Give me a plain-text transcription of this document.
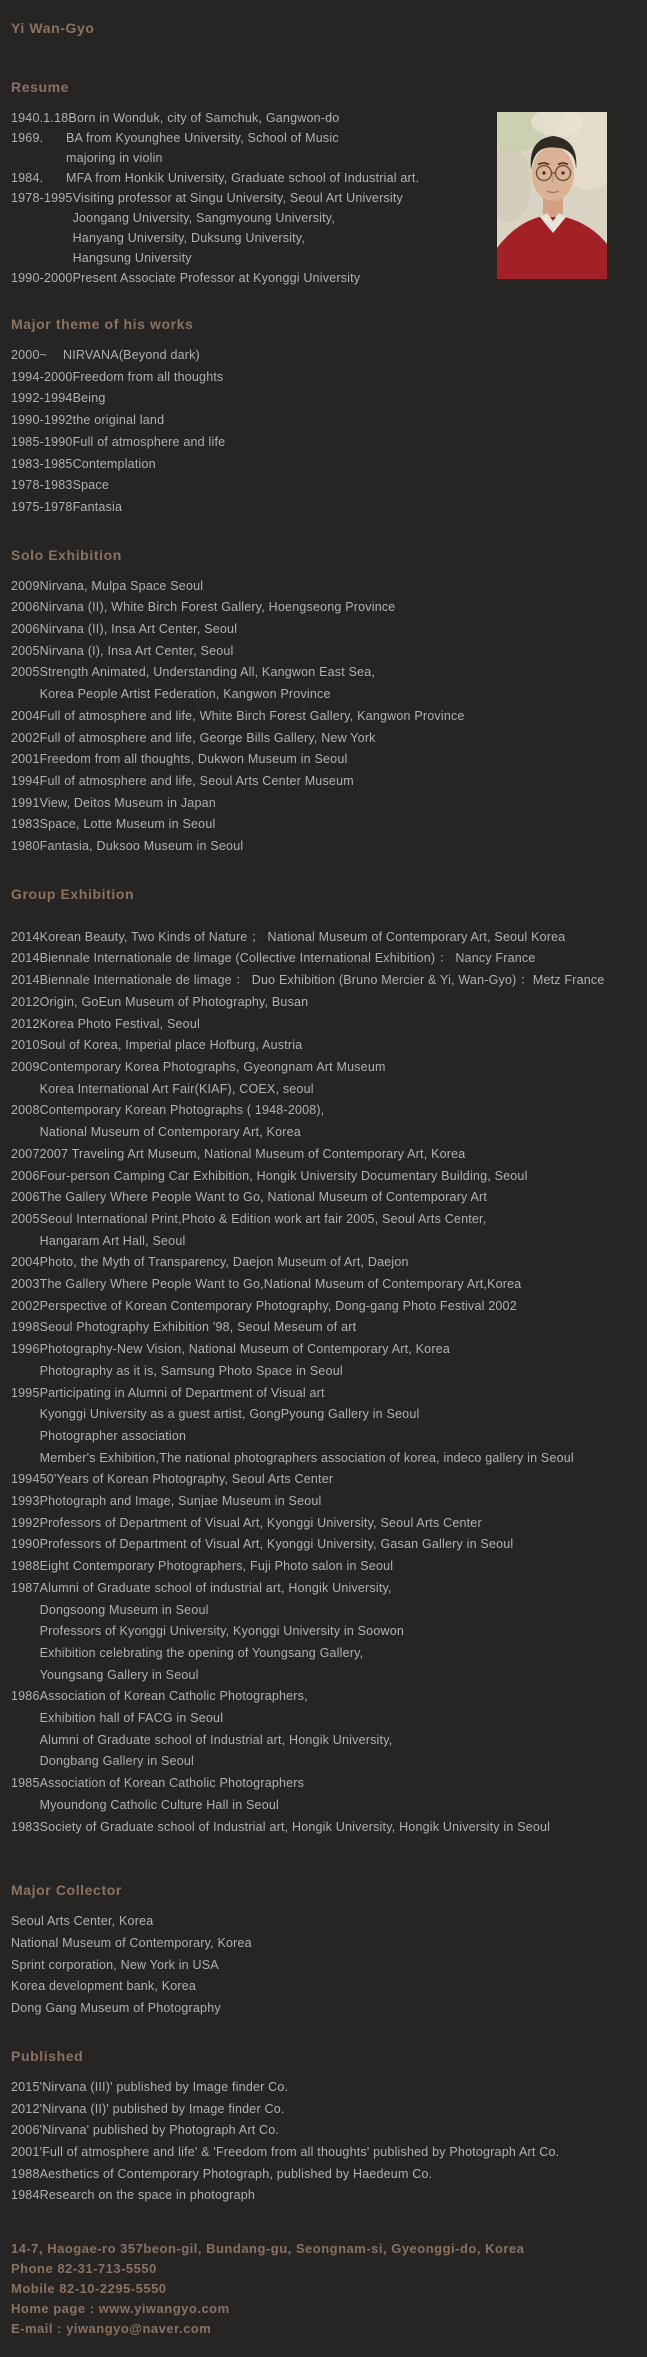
Yi Wan-Gyo
Resume
1940.1.18 Born in Wonduk, city of Samchuk, Gangwon-do
1969.	BA from Kyounghee University, School of Music
majoring in violin
1984.	MFA from Honkik University, Graduate school of Industrial art.
1978-1995 Visiting professor at Singu University, Seoul Art University
Joongang University, Sangmyoung University,
Hanyang University, Duksung University,
Hangsung University
1990-2000 Present Associate Professor at Kyonggi University
Major theme of his works
2000~	NIRVANA(Beyond dark)
1994-2000 Freedom from all thoughts
1992-1994 Being
1990-1992 the original land
1985-1990 Full of atmosphere and life
1983-1985 Contemplation
1978-1983 Space
1975-1978 Fantasia
Solo Exhibition
2009 Nirvana, Mulpa Space Seoul
2006 Nirvana (II), White Birch Forest Gallery, Hoengseong Province
2006 Nirvana (II), Insa Art Center, Seoul
2005 Nirvana (I), Insa Art Center, Seoul
2005 Strength Animated, Understanding All, Kangwon East Sea,
Korea People Artist Federation, Kangwon Province
2004 Full of atmosphere and life, White Birch Forest Gallery, Kangwon Province
2002 Full of atmosphere and life, George Bills Gallery, New York
2001 Freedom from all thoughts, Dukwon Museum in Seoul
1994 Full of atmosphere and life, Seoul Arts Center Museum
1991 View, Deitos Museum in Japan
1983 Space, Lotte Museum in Seoul
1980 Fantasia, Duksoo Museum in Seoul
Group Exhibition
2014 Korean Beauty, Two Kinds of Nature ； National Museum of Contemporary Art, Seoul Korea
2014 Biennale Internationale de limage (Collective International Exhibition) ： Nancy France
2014 Biennale Internationale de limage ： Duo Exhibition (Bruno Mercier & Yi, Wan-Gyo) ：Metz France
2012 Origin, GoEun Museum of Photography, Busan
2012 Korea Photo Festival, Seoul
2010 Soul of Korea, Imperial place Hofburg, Austria
2009 Contemporary Korea Photographs, Gyeongnam Art Museum
Korea International Art Fair(KIAF), COEX, seoul
2008 Contemporary Korean Photographs ( 1948-2008),
National Museum of Contemporary Art, Korea
2007 2007 Traveling Art Museum, National Museum of Contemporary Art, Korea
2006 Four-person Camping Car Exhibition, Hongik University Documentary Building, Seoul
2006 The Gallery Where People Want to Go, National Museum of Contemporary Art
2005 Seoul International Print,Photo & Edition work art fair 2005, Seoul Arts Center,
Hangaram Art Hall, Seoul
2004 Photo, the Myth of Transparency, Daejon Museum of Art, Daejon
2003 The Gallery Where People Want to Go,National Museum of Contemporary Art,Korea
2002 Perspective of Korean Contemporary Photography, Dong-gang Photo Festival 2002
1998 Seoul Photography Exhibition '98, Seoul Meseum of art
1996 Photography-New Vision, National Museum of Contemporary Art, Korea
Photography as it is, Samsung Photo Space in Seoul
1995 Participating in Alumni of Department of Visual art
Kyonggi University as a guest artist, GongPyoung Gallery in Seoul
Photographer association
Member's Exhibition,The national photographers association of korea, indeco gallery in Seoul
1994 50'Years of Korean Photography, Seoul Arts Center
1993 Photograph and Image, Sunjae Museum in Seoul
1992 Professors of Department of Visual Art, Kyonggi University, Seoul Arts Center
1990 Professors of Department of Visual Art, Kyonggi University, Gasan Gallery in Seoul
1988 Eight Contemporary Photographers, Fuji Photo salon in Seoul
1987 Alumni of Graduate school of industrial art, Hongik University,
Dongsoong Museum in Seoul
Professors of Kyonggi University, Kyonggi University in Soowon
Exhibition celebrating the opening of Youngsang Gallery,
Youngsang Gallery in Seoul
1986 Association of Korean Catholic Photographers,
Exhibition hall of FACG in Seoul
Alumni of Graduate school of Industrial art, Hongik University,
Dongbang Gallery in Seoul
1985 Association of Korean Catholic Photographers
Myoundong Catholic Culture Hall in Seoul
1983 Society of Graduate school of Industrial art, Hongik University, Hongik University in Seoul
Major Collector
Seoul Arts Center, Korea
National Museum of Contemporary, Korea
Sprint corporation, New York in USA
Korea development bank, Korea
Dong Gang Museum of Photography
Published
2015 'Nirvana (III)' published by Image finder Co.
2012 'Nirvana (II)' published by Image finder Co.
2006 'Nirvana' published by Photograph Art Co.
2001 'Full of atmosphere and life' & 'Freedom from all thoughts' published by Photograph Art Co.
1988 Aesthetics of Contemporary Photograph, published by Haedeum Co.
1984 Research on the space in photograph
14-7, Haogae-ro 357beon-gil, Bundang-gu, Seongnam-si, Gyeonggi-do, Korea
Phone 82-31-713-5550
Mobile 82-10-2295-5550
Home page : www.yiwangyo.com
E-mail : yiwangyo@naver.com
